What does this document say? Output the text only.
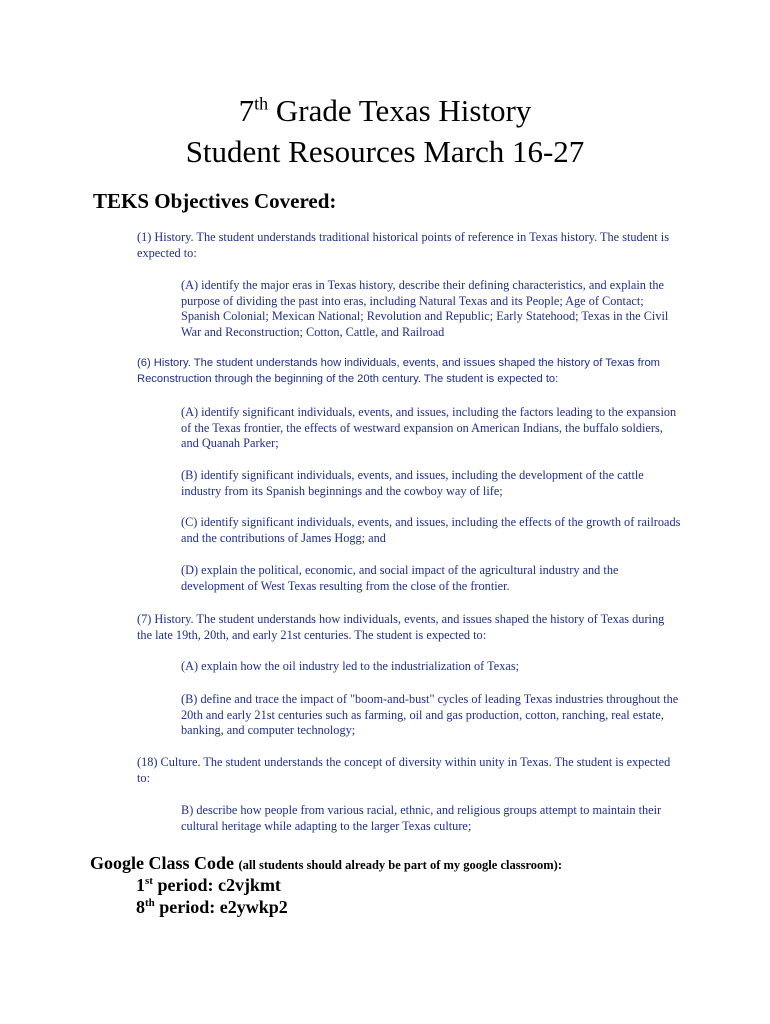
7th Grade Texas History
Student Resources March 16-27
TEKS Objectives Covered:
(1) History. The student understands traditional historical points of reference in Texas history. The student is expected to:
(A) identify the major eras in Texas history, describe their defining characteristics, and explain the purpose of dividing the past into eras, including Natural Texas and its People; Age of Contact; Spanish Colonial; Mexican National; Revolution and Republic; Early Statehood; Texas in the Civil War and Reconstruction; Cotton, Cattle, and Railroad
(6) History. The student understands how individuals, events, and issues shaped the history of Texas from Reconstruction through the beginning of the 20th century. The student is expected to:
(A) identify significant individuals, events, and issues, including the factors leading to the expansion of the Texas frontier, the effects of westward expansion on American Indians, the buffalo soldiers, and Quanah Parker;
(B) identify significant individuals, events, and issues, including the development of the cattle industry from its Spanish beginnings and the cowboy way of life;
(C) identify significant individuals, events, and issues, including the effects of the growth of railroads and the contributions of James Hogg; and
(D) explain the political, economic, and social impact of the agricultural industry and the development of West Texas resulting from the close of the frontier.
(7) History. The student understands how individuals, events, and issues shaped the history of Texas during the late 19th, 20th, and early 21st centuries. The student is expected to:
(A) explain how the oil industry led to the industrialization of Texas;
(B) define and trace the impact of "boom-and-bust" cycles of leading Texas industries throughout the 20th and early 21st centuries such as farming, oil and gas production, cotton, ranching, real estate, banking, and computer technology;
(18) Culture. The student understands the concept of diversity within unity in Texas. The student is expected to:
B) describe how people from various racial, ethnic, and religious groups attempt to maintain their cultural heritage while adapting to the larger Texas culture;
Google Class Code (all students should already be part of my google classroom):
1st period: c2vjkmt
8th period: e2ywkp2
